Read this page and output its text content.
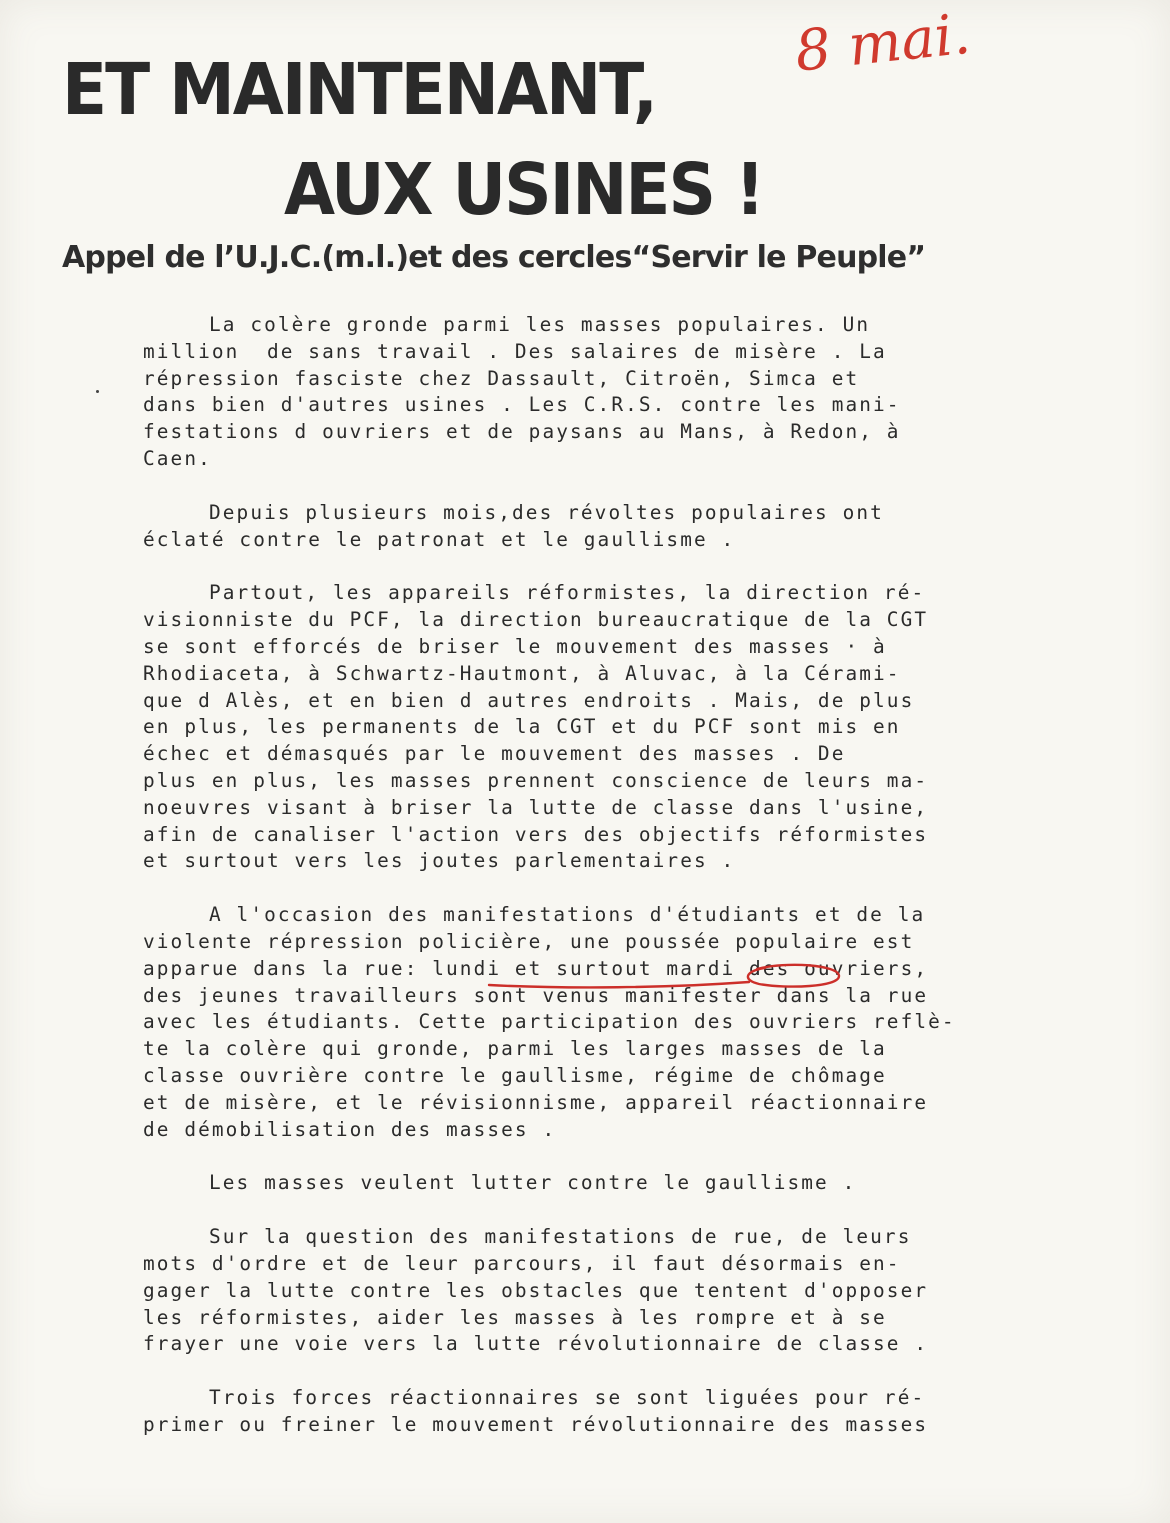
ET MAINTENANT,
8 mai.
AUX USINES !
Appel de l’U.J.C.(m.l.)et des cercles“Servir le Peuple”
La colère gronde parmi les masses populaires. Un
million  de sans travail . Des salaires de misère . La
répression fasciste chez Dassault, Citroën, Simca et
dans bien d'autres usines . Les C.R.S. contre les mani-
festations d ouvriers et de paysans au Mans, à Redon, à
Caen.
Depuis plusieurs mois,des révoltes populaires ont
éclaté contre le patronat et le gaullisme .
Partout, les appareils réformistes, la direction ré-
visionniste du PCF, la direction bureaucratique de la CGT
se sont efforcés de briser le mouvement des masses · à
Rhodiaceta, à Schwartz-Hautmont, à Aluvac, à la Cérami-
que d Alès, et en bien d autres endroits . Mais, de plus
en plus, les permanents de la CGT et du PCF sont mis en
échec et démasqués par le mouvement des masses . De
plus en plus, les masses prennent conscience de leurs ma-
noeuvres visant à briser la lutte de classe dans l'usine,
afin de canaliser l'action vers des objectifs réformistes
et surtout vers les joutes parlementaires .
A l'occasion des manifestations d'étudiants et de la
violente répression policière, une poussée populaire est
apparue dans la rue: lundi et surtout mardi des ouvriers,
des jeunes travailleurs sont venus manifester dans la rue
avec les étudiants. Cette participation des ouvriers reflè-
te la colère qui gronde, parmi les larges masses de la
classe ouvrière contre le gaullisme, régime de chômage
et de misère, et le révisionnisme, appareil réactionnaire
de démobilisation des masses .
Les masses veulent lutter contre le gaullisme .
Sur la question des manifestations de rue, de leurs
mots d'ordre et de leur parcours, il faut désormais en-
gager la lutte contre les obstacles que tentent d'opposer
les réformistes, aider les masses à les rompre et à se
frayer une voie vers la lutte révolutionnaire de classe .
Trois forces réactionnaires se sont liguées pour ré-
primer ou freiner le mouvement révolutionnaire des masses
